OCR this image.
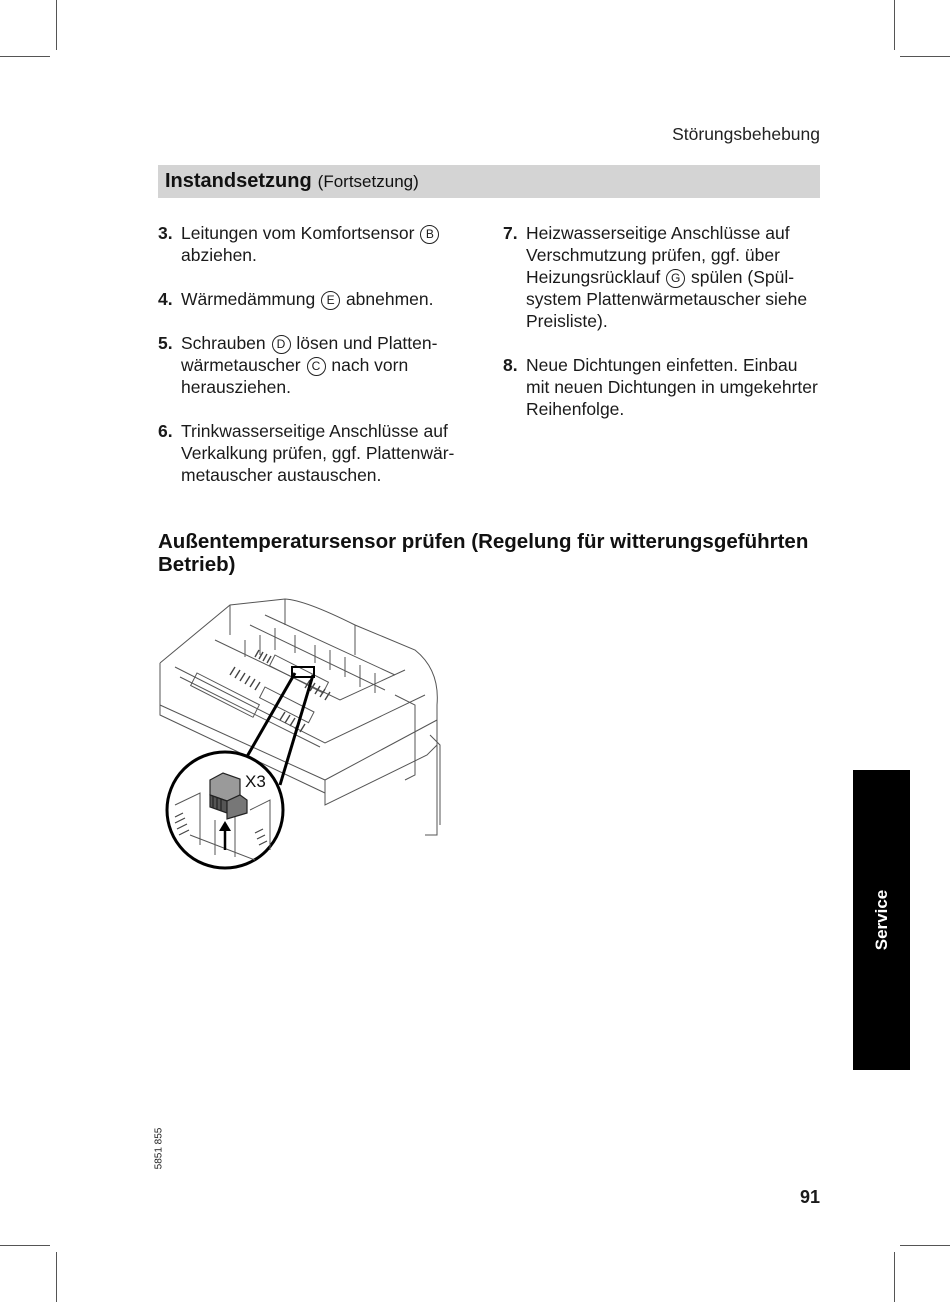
Störungsbehebung
Instandsetzung (Fortsetzung)
3. Leitungen vom Komfortsensor B abziehen.
4. Wärmedämmung E abnehmen.
5. Schrauben D lösen und Plattenwärmetauscher C nach vorn herausziehen.
6. Trinkwasserseitige Anschlüsse auf Verkalkung prüfen, ggf. Plattenwärmetauscher austauschen.
7. Heizwasserseitige Anschlüsse auf Verschmutzung prüfen, ggf. über Heizungsrücklauf G spülen (Spülsystem Plattenwärmetauscher siehe Preisliste).
8. Neue Dichtungen einfetten. Einbau mit neuen Dichtungen in umgekehrter Reihenfolge.
Außentemperatursensor prüfen (Regelung für witterungsgeführten Betrieb)
X3
Service
5851 855
91
